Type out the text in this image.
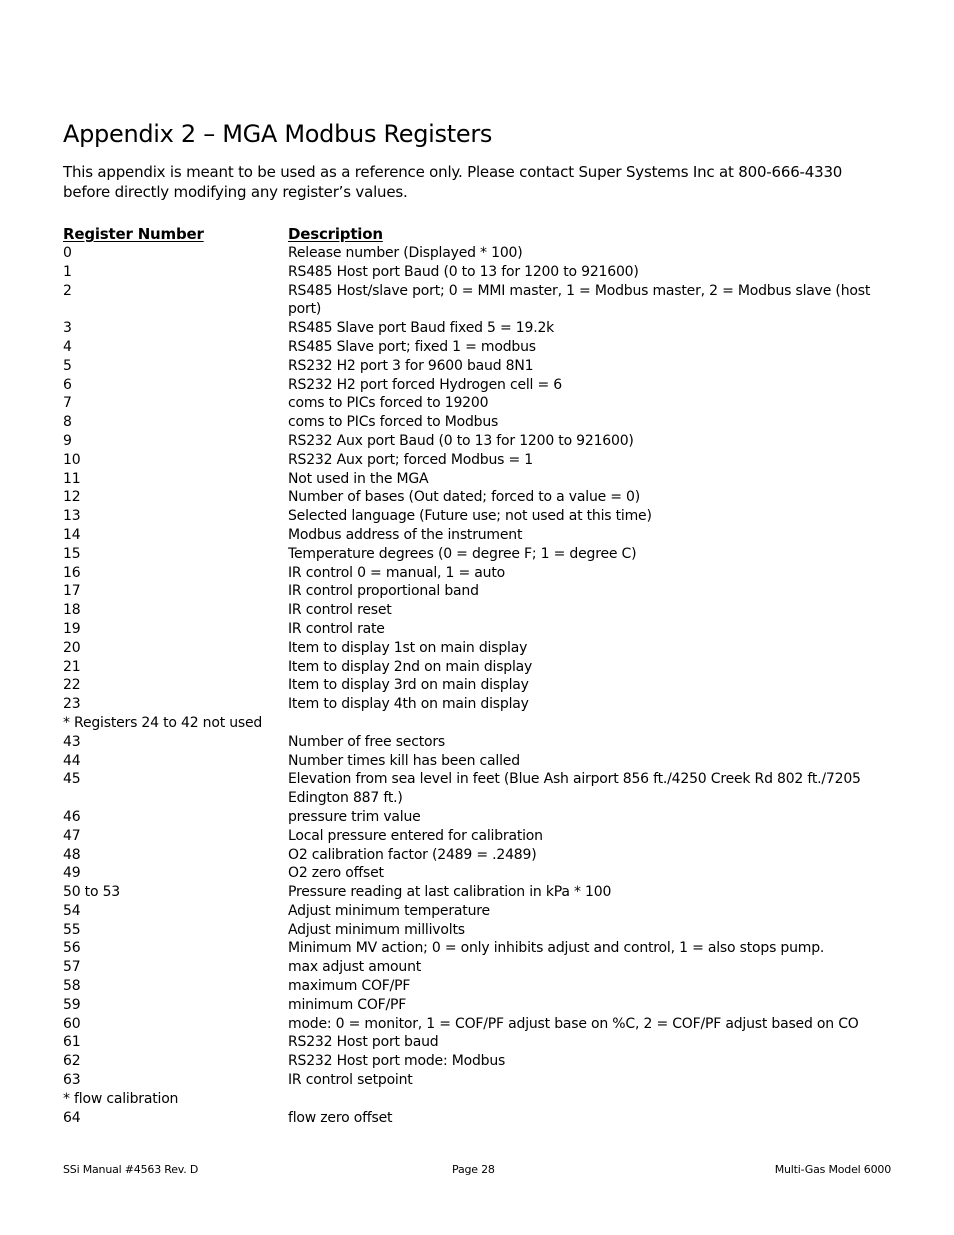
Appendix 2 – MGA Modbus Registers

This appendix is meant to be used as a reference only. Please contact Super Systems Inc at 800-666-4330 before directly modifying any register’s values.

Register Number	Description
0	Release number (Displayed * 100)
1	RS485 Host port Baud (0 to 13 for 1200 to 921600)
2	RS485 Host/slave port; 0 = MMI master, 1 = Modbus master, 2 = Modbus slave (host port)
3	RS485 Slave port Baud fixed 5 = 19.2k
4	RS485 Slave port; fixed 1 = modbus
5	RS232 H2 port 3 for 9600 baud 8N1
6	RS232 H2 port forced Hydrogen cell = 6
7	coms to PICs forced to 19200
8	coms to PICs forced to Modbus
9	RS232 Aux port Baud (0 to 13 for 1200 to 921600)
10	RS232 Aux port; forced Modbus = 1
11	Not used in the MGA
12	Number of bases (Out dated; forced to a value = 0)
13	Selected language (Future use; not used at this time)
14	Modbus address of the instrument
15	Temperature degrees (0 = degree F; 1 = degree C)
16	IR control 0 = manual, 1 = auto
17	IR control proportional band
18	IR control reset
19	IR control rate
20	Item to display 1st on main display
21	Item to display 2nd on main display
22	Item to display 3rd on main display
23	Item to display 4th on main display
* Registers 24 to 42 not used
43	Number of free sectors
44	Number times kill has been called
45	Elevation from sea level in feet (Blue Ash airport 856 ft./4250 Creek Rd 802 ft./7205 Edington 887 ft.)
46	pressure trim value
47	Local pressure entered for calibration
48	O2 calibration factor (2489 = .2489)
49	O2 zero offset
50 to 53	Pressure reading at last calibration in kPa * 100
54	Adjust minimum temperature
55	Adjust minimum millivolts
56	Minimum MV action; 0 = only inhibits adjust and control, 1 = also stops pump.
57	max adjust amount
58	maximum COF/PF
59	minimum COF/PF
60	mode: 0 = monitor, 1 = COF/PF adjust base on %C, 2 = COF/PF adjust based on CO
61	RS232 Host port baud
62	RS232 Host port mode: Modbus
63	IR control setpoint
* flow calibration
64	flow zero offset
SSi Manual #4563 Rev. D	Page 28	Multi-Gas Model 6000
